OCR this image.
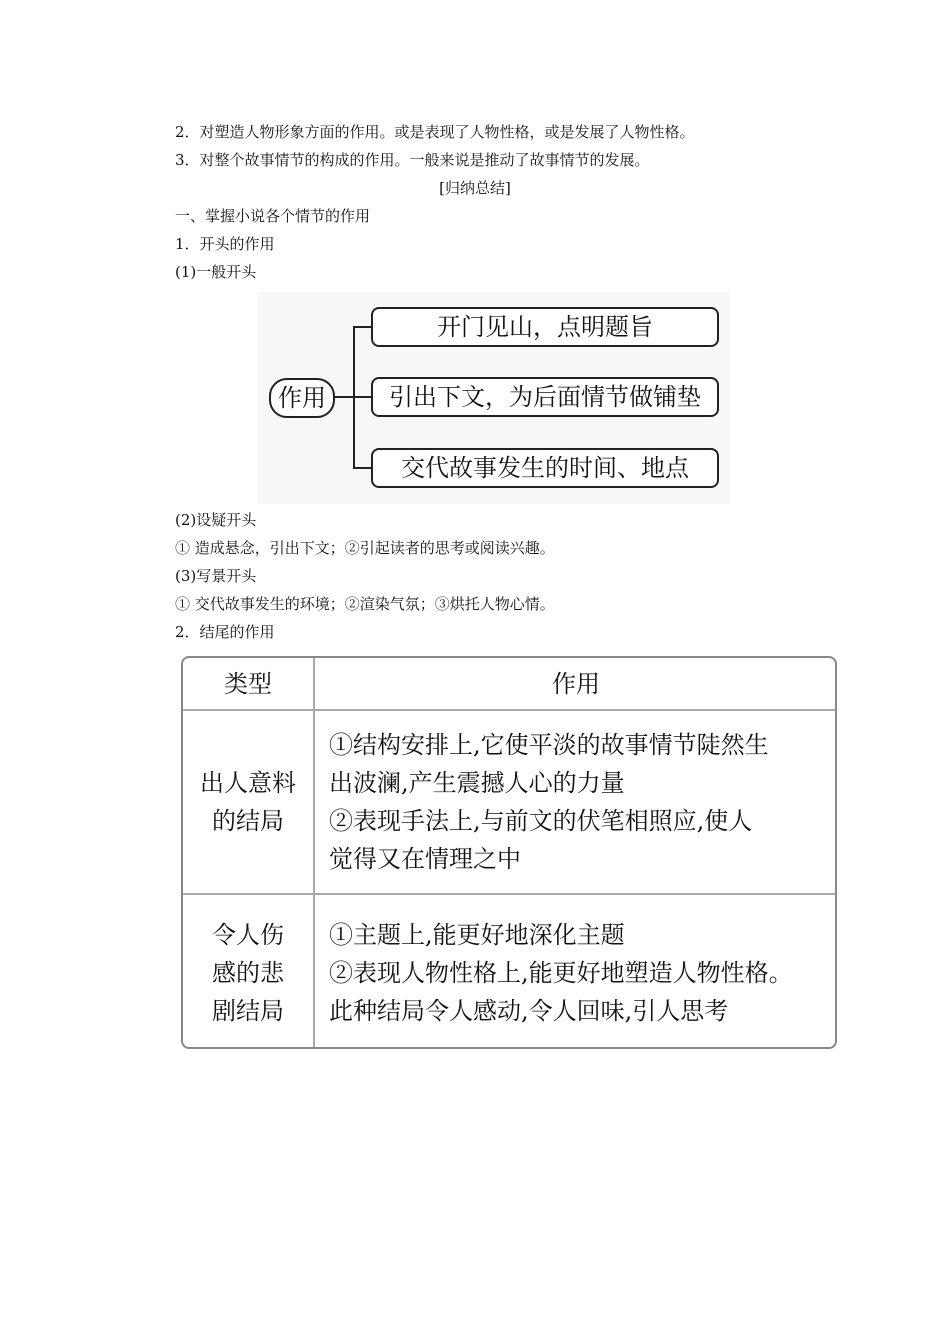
2．对塑造人物形象方面的作用。或是表现了人物性格，或是发展了人物性格。
3．对整个故事情节的构成的作用。一般来说是推动了故事情节的发展。
[归纳总结]
一、掌握小说各个情节的作用
1．开头的作用
(1)一般开头
作用
开门见山，点明题旨
引出下文，为后面情节做铺垫
交代故事发生的时间、地点
(2)设疑开头
① 造成悬念，引出下文；②引起读者的思考或阅读兴趣。
(3)写景开头
① 交代故事发生的环境；②渲染气氛；③烘托人物心情。
2．结尾的作用
类型	作用
出人意料
的结局
①结构安排上,它使平淡的故事情节陡然生
出波澜,产生震撼人心的力量
②表现手法上,与前文的伏笔相照应,使人
觉得又在情理之中
令人伤
感的悲
剧结局
①主题上,能更好地深化主题
②表现人物性格上,能更好地塑造人物性格。
此种结局令人感动,令人回味,引人思考
